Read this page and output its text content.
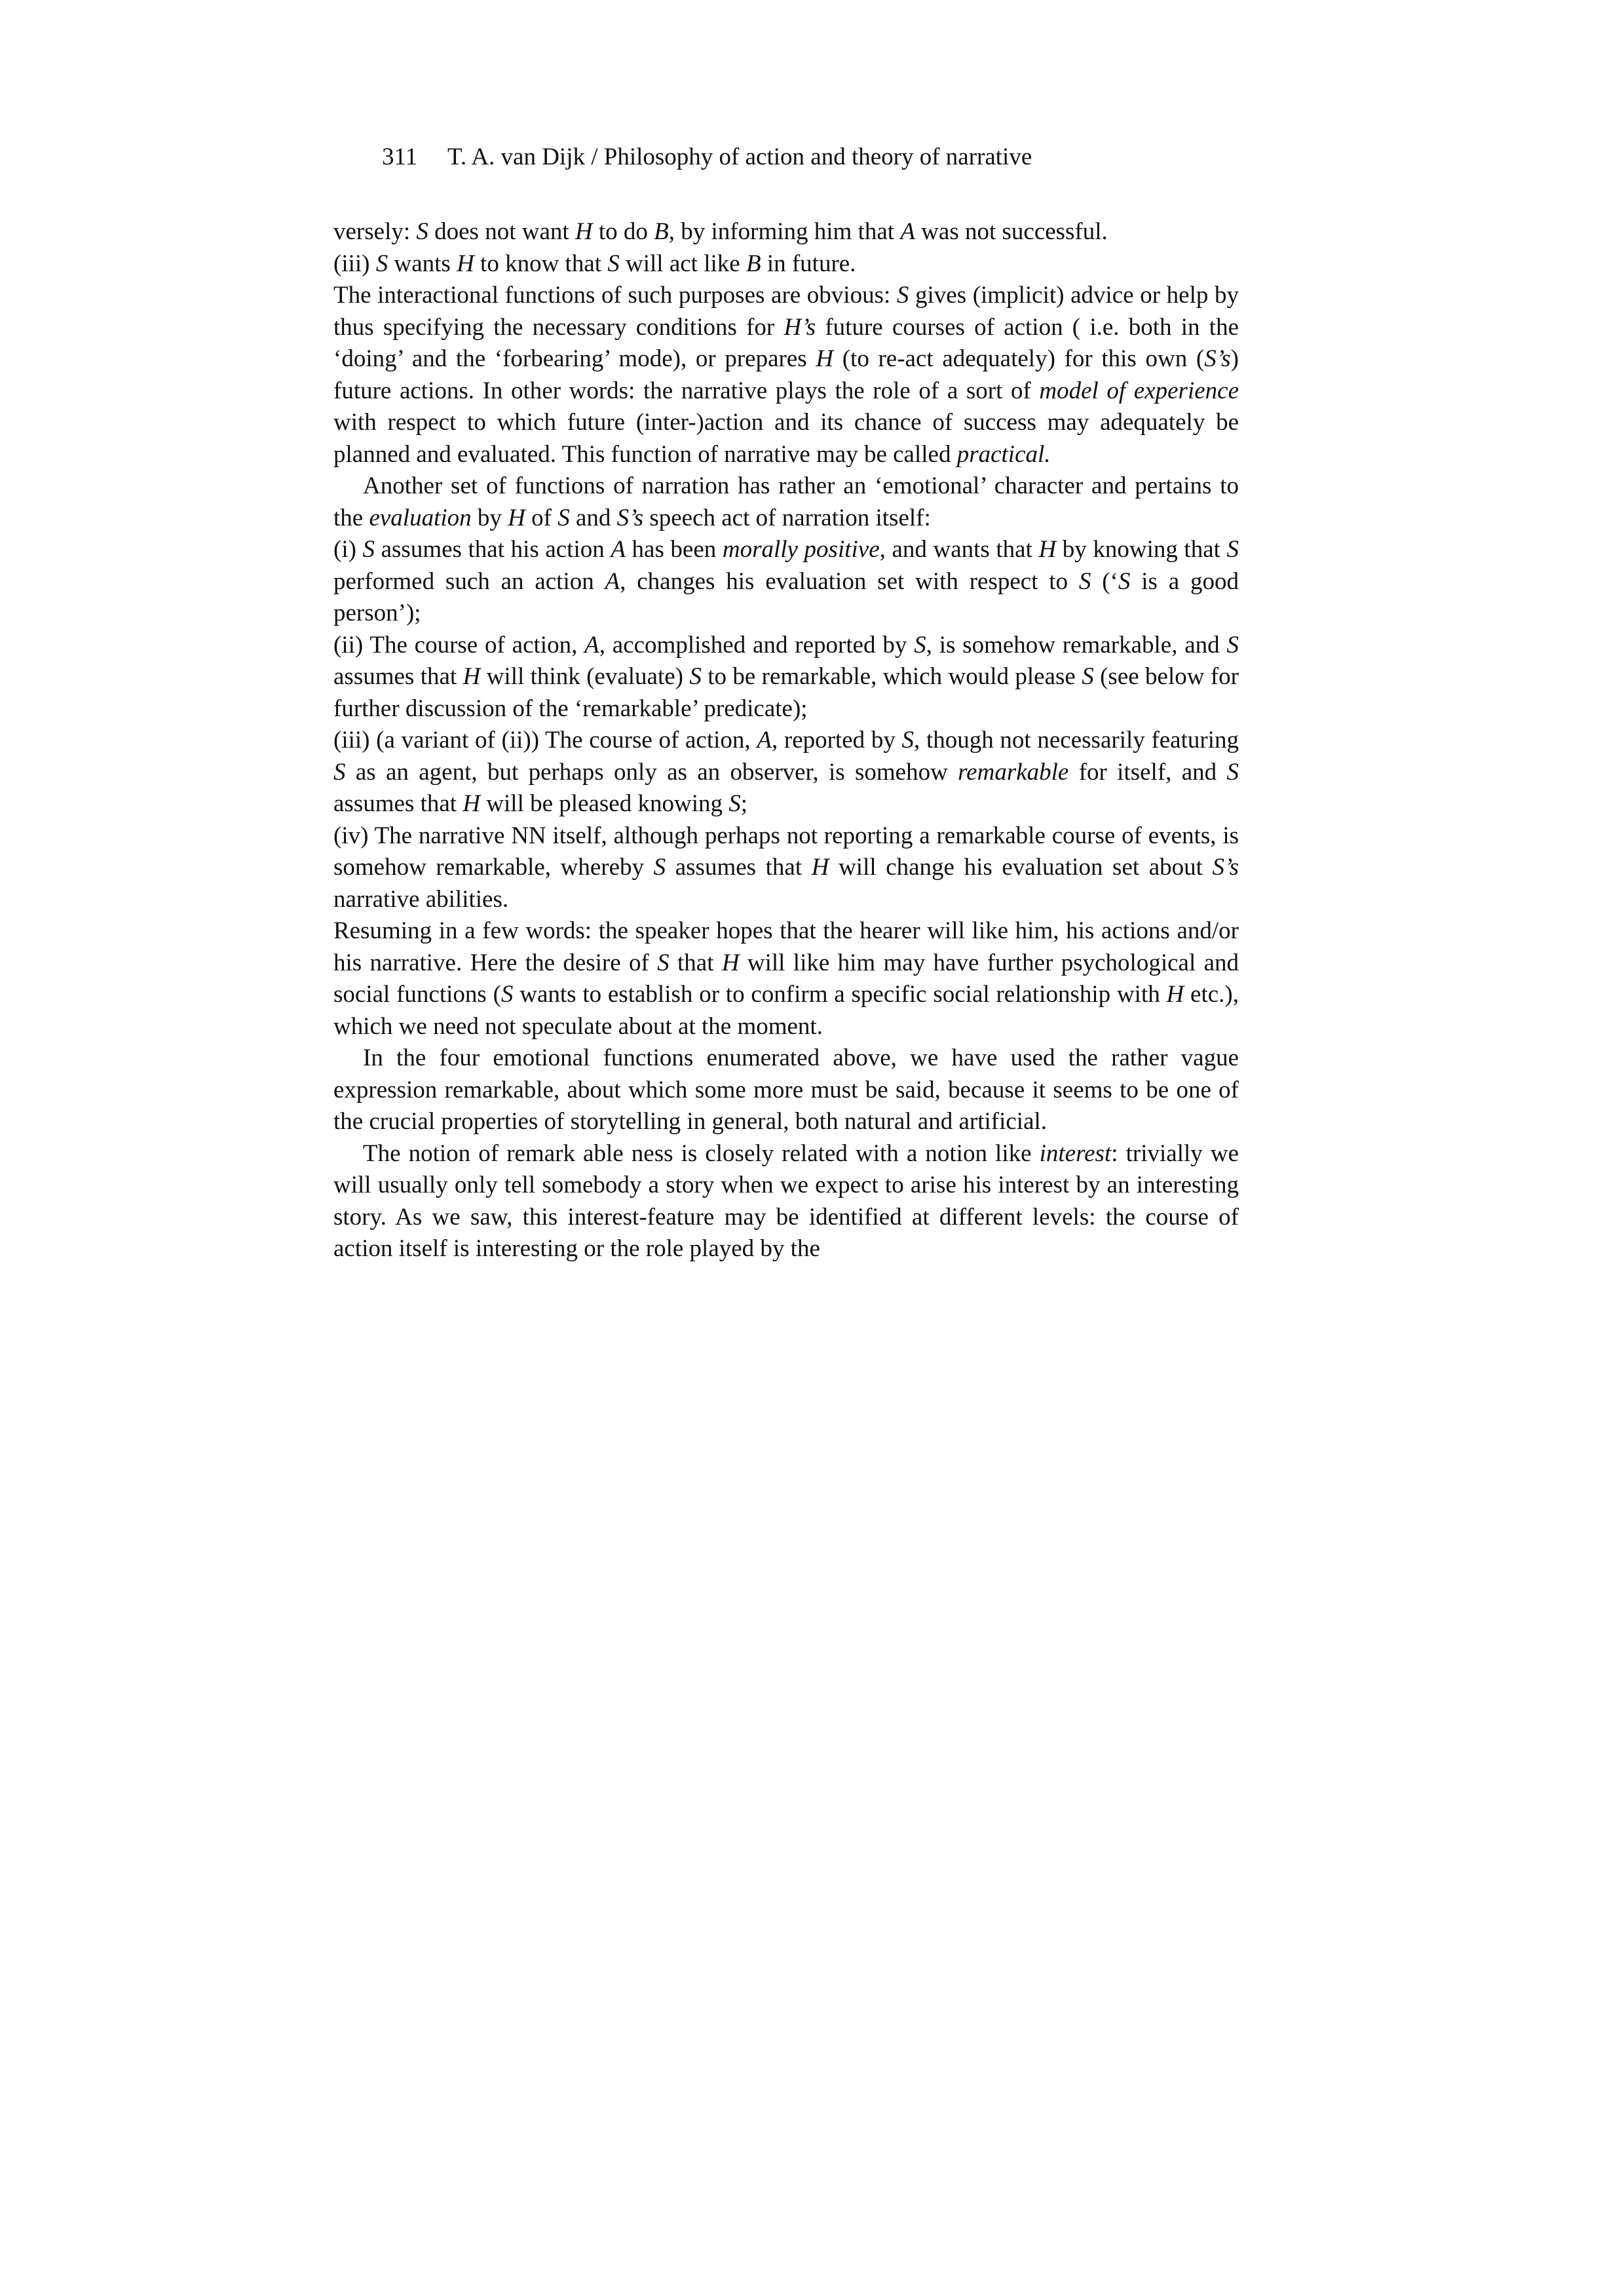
311 T. A. van Dijk / Philosophy of action and theory of narrative

versely: S does not want H to do B, by informing him that A was not successful.

(iii) S wants H to know that S will act like B in future.

The interactional functions of such purposes are obvious: S gives (implicit) advice or help by thus specifying the necessary conditions for H’s future courses of action ( i.e. both in the ‘doing’ and the ‘forbearing’ mode), or prepares H (to re-act adequately) for this own (S’s) future actions. In other words: the narrative plays the role of a sort of model of experience with respect to which future (inter-)action and its chance of success may adequately be planned and evaluated. This function of narrative may be called practical.

Another set of functions of narration has rather an ‘emotional’ character and pertains to the evaluation by H of S and S’s speech act of narration itself:

(i) S assumes that his action A has been morally positive, and wants that H by knowing that S performed such an action A, changes his evaluation set with respect to S (‘S is a good person’);

(ii) The course of action, A, accomplished and reported by S, is somehow remarkable, and S assumes that H will think (evaluate) S to be remarkable, which would please S (see below for further discussion of the ‘remarkable’ predicate);

(iii) (a variant of (ii)) The course of action, A, reported by S, though not necessarily featuring S as an agent, but perhaps only as an observer, is somehow remarkable for itself, and S assumes that H will be pleased knowing S;

(iv) The narrative NN itself, although perhaps not reporting a remarkable course of events, is somehow remarkable, whereby S assumes that H will change his evaluation set about S’s narrative abilities.

Resuming in a few words: the speaker hopes that the hearer will like him, his actions and/or his narrative. Here the desire of S that H will like him may have further psychological and social functions (S wants to establish or to confirm a specific social relationship with H etc.), which we need not speculate about at the moment.

In the four emotional functions enumerated above, we have used the rather vague expression remarkable, about which some more must be said, because it seems to be one of the crucial properties of storytelling in general, both natural and artificial.

The notion of remark able ness is closely related with a notion like interest: trivially we will usually only tell somebody a story when we expect to arise his interest by an interesting story. As we saw, this interest-feature may be identified at different levels: the course of action itself is interesting or the role played by the
